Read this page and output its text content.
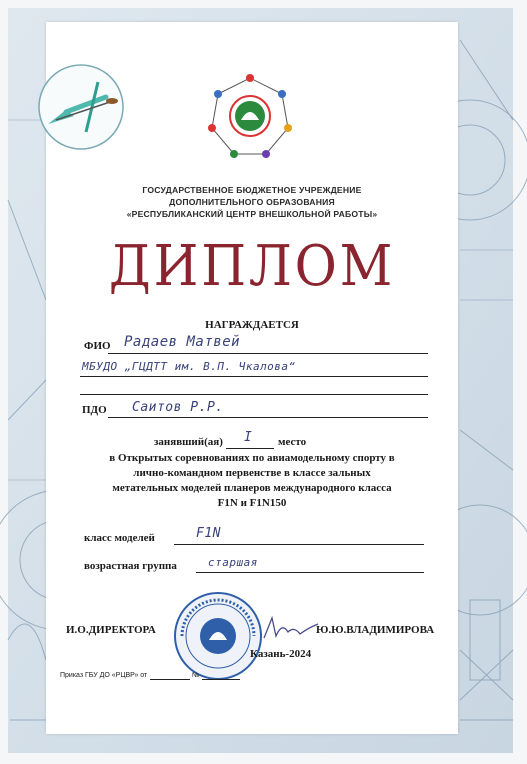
ГОСУДАРСТВЕННОЕ БЮДЖЕТНОЕ УЧРЕЖДЕНИЕ
ДОПОЛНИТЕЛЬНОГО ОБРАЗОВАНИЯ
«РЕСПУБЛИКАНСКИЙ ЦЕНТР ВНЕШКОЛЬНОЙ РАБОТЫ»
ДИПЛОМ
НАГРАЖДАЕТСЯ
ФИО Радаев Матвей
МБУДО „ГЦДТТ им. В.П. Чкалова“
ПДО Саитов Р.Р.
занявший(ая) I место
в Открытых соревнованиях по авиамодельному спорту в
лично-командном первенстве в классе зальных
метательных моделей планеров международного класса
F1N и F1N150
класс моделей	F1N
возрастная группа	старшая
И.О.ДИРЕКТОРА	Ю.Ю.ВЛАДИМИРОВА
Казань-2024
Приказ ГБУ ДО «РЦВР» от	№
